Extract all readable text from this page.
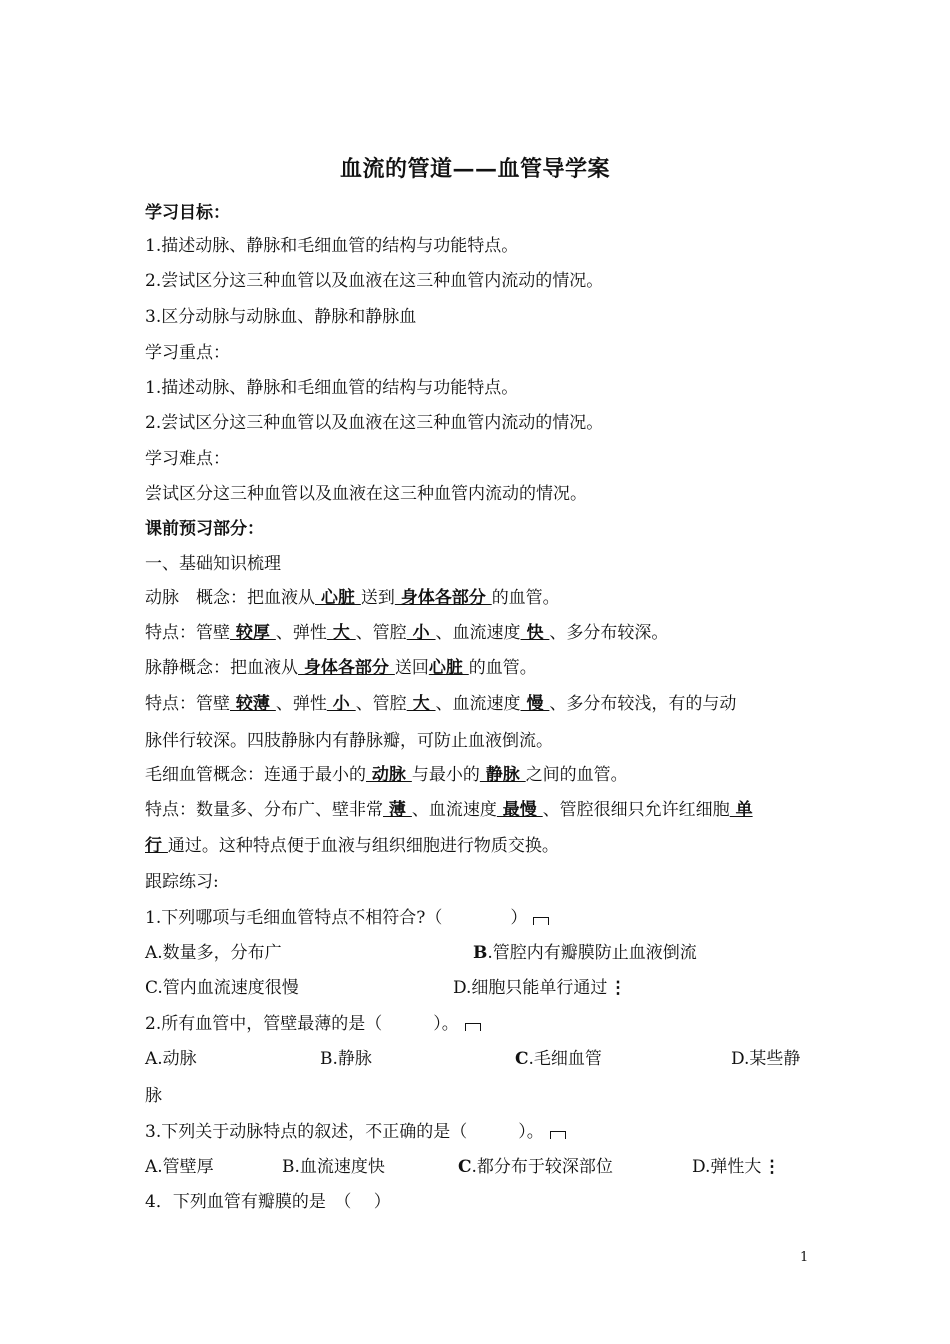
血流的管道——血管导学案
学习目标：
1.描述动脉、静脉和毛细血管的结构与功能特点。
2.尝试区分这三种血管以及血液在这三种血管内流动的情况。
3.区分动脉与动脉血、静脉和静脉血
学习重点：
1.描述动脉、静脉和毛细血管的结构与功能特点。
2.尝试区分这三种血管以及血液在这三种血管内流动的情况。
学习难点：
尝试区分这三种血管以及血液在这三种血管内流动的情况。
课前预习部分：
一、基础知识梳理
动脉　概念：把血液从 心脏 送到 身体各部分 的血管。
特点：管壁 较厚 、弹性 大 、管腔 小 、血流速度 快 、多分布较深。
脉静概念：把血液从 身体各部分 送回心脏 的血管。
特点：管壁 较薄 、弹性 小 、管腔 大 、血流速度 慢 、多分布较浅，有的与动
脉伴行较深。四肢静脉内有静脉瓣，可防止血液倒流。
毛细血管概念：连通于最小的 动脉 与最小的 静脉 之间的血管。
特点：数量多、分布广、壁非常 薄 、血流速度 最慢 、管腔很细只允许红细胞 单
行 通过。这种特点便于血液与组织细胞进行物质交换。
跟踪练习:
1.下列哪项与毛细血管特点不相符合?（　　　　）
A.数量多，分布广	B.管腔内有瓣膜防止血液倒流
C.管内血流速度很慢	D.细胞只能单行通过 ⋮
2.所有血管中，管壁最薄的是（　　　）。
A.动脉	B.静脉	C.毛细血管	D.某些静
脉
3.下列关于动脉特点的叙述，不正确的是（　　　）。
A.管壁厚	B.血流速度快	C.都分布于较深部位	D.弹性大 ⋮
4．下列血管有瓣膜的是　（　 ）
1
